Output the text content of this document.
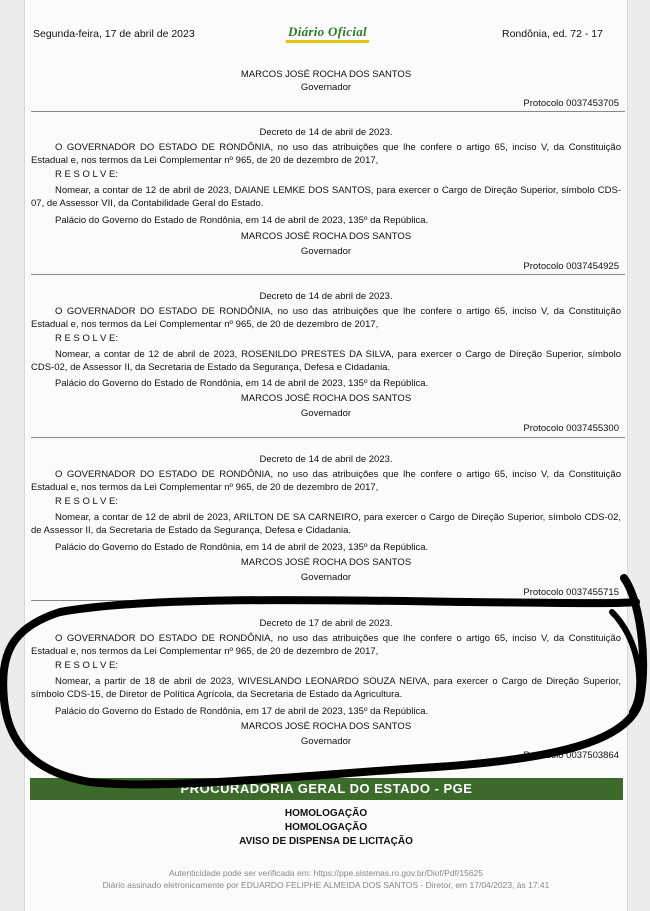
Segunda-feira, 17 de abril de 2023	Diário Oficial	Rondônia, ed. 72 - 17
MARCOS JOSÉ ROCHA DOS SANTOS
Governador
Protocolo 0037453705
Decreto de 14 de abril de 2023.
O GOVERNADOR DO ESTADO DE RONDÔNIA, no uso das atribuições que lhe confere o artigo 65, inciso V, da Constituição Estadual e, nos termos da Lei Complementar nº 965, de 20 de dezembro de 2017,
R E S O L V E:
Nomear, a contar de 12 de abril de 2023, DAIANE LEMKE DOS SANTOS, para exercer o Cargo de Direção Superior, símbolo CDS-07, de Assessor VII, da Contabilidade Geral do Estado.
Palácio do Governo do Estado de Rondônia, em 14 de abril de 2023, 135º da República.
MARCOS JOSÉ ROCHA DOS SANTOS
Governador
Protocolo 0037454925
Decreto de 14 de abril de 2023.
O GOVERNADOR DO ESTADO DE RONDÔNIA, no uso das atribuições que lhe confere o artigo 65, inciso V, da Constituição Estadual e, nos termos da Lei Complementar nº 965, de 20 de dezembro de 2017,
R E S O L V E:
Nomear, a contar de 12 de abril de 2023, ROSENILDO PRESTES DA SILVA, para exercer o Cargo de Direção Superior, símbolo CDS-02, de Assessor II, da Secretaria de Estado da Segurança, Defesa e Cidadania.
Palácio do Governo do Estado de Rondônia, em 14 de abril de 2023, 135º da República.
MARCOS JOSÉ ROCHA DOS SANTOS
Governador
Protocolo 0037455300
Decreto de 14 de abril de 2023.
O GOVERNADOR DO ESTADO DE RONDÔNIA, no uso das atribuições que lhe confere o artigo 65, inciso V, da Constituição Estadual e, nos termos da Lei Complementar nº 965, de 20 de dezembro de 2017,
R E S O L V E:
Nomear, a contar de 12 de abril de 2023, ARILTON DE SA CARNEIRO, para exercer o Cargo de Direção Superior, símbolo CDS-02, de Assessor II, da Secretaria de Estado da Segurança, Defesa e Cidadania.
Palácio do Governo do Estado de Rondônia, em 14 de abril de 2023, 135º da República.
MARCOS JOSÉ ROCHA DOS SANTOS
Governador
Protocolo 0037455715
Decreto de 17 de abril de 2023.
O GOVERNADOR DO ESTADO DE RONDÔNIA, no uso das atribuições que lhe confere o artigo 65, inciso V, da Constituição Estadual e, nos termos da Lei Complementar nº 965, de 20 de dezembro de 2017,
R E S O L V E:
Nomear, a partir de 18 de abril de 2023, WIVESLANDO LEONARDO SOUZA NEIVA, para exercer o Cargo de Direção Superior, símbolo CDS-15, de Diretor de Política Agrícola, da Secretaria de Estado da Agricultura.
Palácio do Governo do Estado de Rondônia, em 17 de abril de 2023, 135º da República.
MARCOS JOSÉ ROCHA DOS SANTOS
Governador
Protocolo 0037503864
PROCURADORIA GERAL DO ESTADO - PGE
HOMOLOGAÇÃO
HOMOLOGAÇÃO
AVISO DE DISPENSA DE LICITAÇÃO
Autenticidade pode ser verificada em: https://ppe.sistemas.ro.gov.br/Diof/Pdf/15625
Diário assinado eletronicamente por EDUARDO FELIPHE ALMEIDA DOS SANTOS - Diretor, em 17/04/2023, às 17:41
